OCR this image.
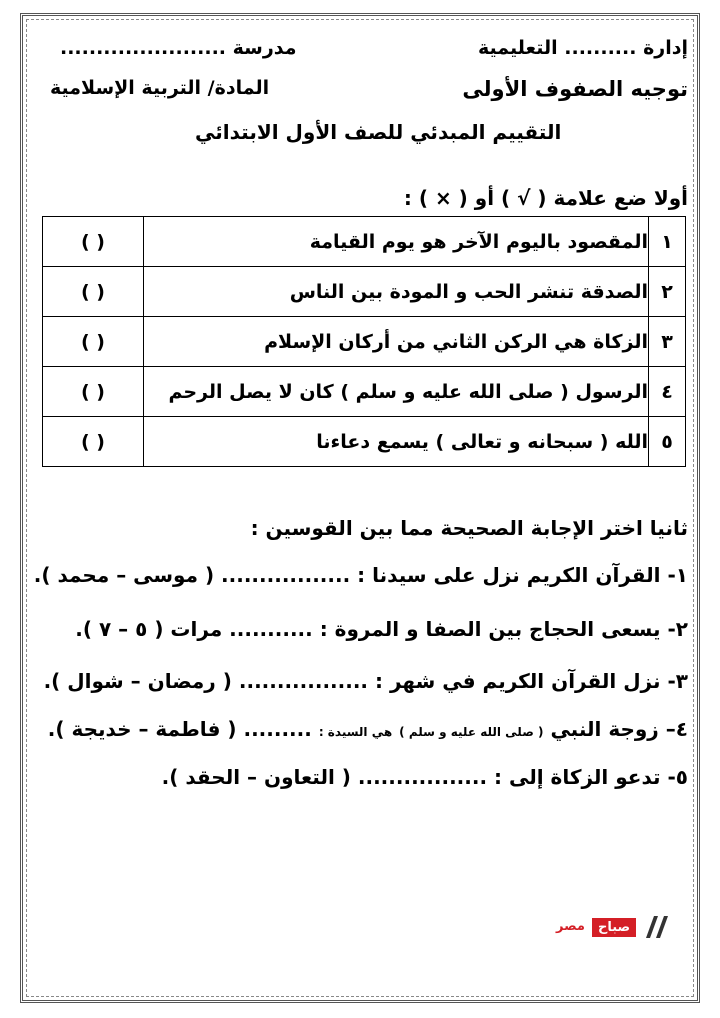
إدارة .......... التعليمية
مدرسة .......................
توجيه الصفوف الأولى
المادة/ التربية الإسلامية
التقييم المبدئي للصف الأول الابتدائي
أولا ضع علامة ( √ ) أو ( × ) :
١	المقصود باليوم الآخر هو يوم القيامة	( )
٢	الصدقة تنشر الحب و المودة بين الناس	( )
٣	الزكاة هي الركن الثاني من أركان الإسلام	( )
٤	الرسول ( صلى الله عليه و سلم ) كان لا يصل الرحم	( )
٥	الله ( سبحانه و تعالى ) يسمع دعاءنا	( )
ثانيا اختر الإجابة الصحيحة مما بين القوسين :
١- القرآن الكريم نزل على سيدنا : ................. ( موسى – محمد ).
٢- يسعى الحجاج بين الصفا و المروة : ........... مرات ( ٥ – ٧ ).
٣- نزل القرآن الكريم في شهر : ................. ( رمضان – شوال ).
٤– زوجة النبي ( صلى الله عليه و سلم ) هي السيدة : ......... ( فاطمة – خديجة ).
٥- تدعو الزكاة إلى : ................. ( التعاون – الحقد ).
مصر	صباح
